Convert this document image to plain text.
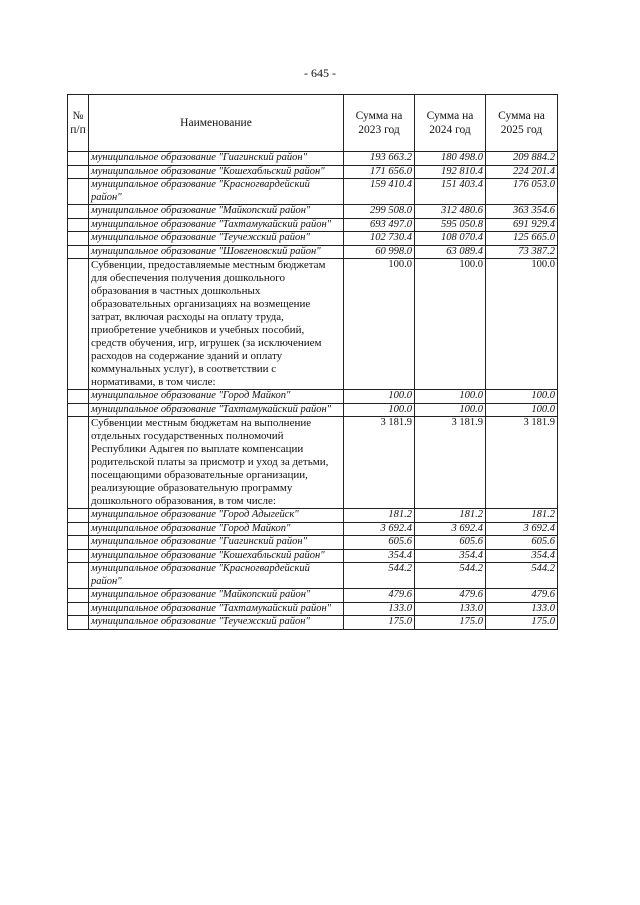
- 645 -
№ п/п	Наименование	Сумма на 2023 год	Сумма на 2024 год	Сумма на 2025 год
	муниципальное образование "Гиагинский район"	193 663.2	180 498.0	209 884.2
	муниципальное образование "Кошехабльский район"	171 656.0	192 810.4	224 201.4
	муниципальное образование "Красногвардейский район"	159 410.4	151 403.4	176 053.0
	муниципальное образование "Майкопский район"	299 508.0	312 480.6	363 354.6
	муниципальное образование "Тахтамукайский район"	693 497.0	595 050.8	691 929.4
	муниципальное образование "Теучежский район"	102 730.4	108 070.4	125 665.0
	муниципальное образование "Шовгеновский район"	60 998.0	63 089.4	73 387.2
	Субвенции, предоставляемые местным бюджетам для обеспечения получения дошкольного образования в частных дошкольных образовательных организациях на возмещение затрат, включая расходы на оплату труда, приобретение учебников и учебных пособий, средств обучения, игр, игрушек (за исключением расходов на содержание зданий и оплату коммунальных услуг), в соответствии с нормативами, в том числе:	100.0	100.0	100.0
	муниципальное образование "Город Майкоп"	100.0	100.0	100.0
	муниципальное образование "Тахтамукайский район"	100.0	100.0	100.0
	Субвенции местным бюджетам на выполнение отдельных государственных полномочий Республики Адыгея по выплате компенсации родительской платы за присмотр и уход за детьми, посещающими образовательные организации, реализующие образовательную программу дошкольного образования, в том числе:	3 181.9	3 181.9	3 181.9
	муниципальное образование "Город Адыгейск"	181.2	181.2	181.2
	муниципальное образование "Город Майкоп"	3 692.4	3 692.4	3 692.4
	муниципальное образование "Гиагинский район"	605.6	605.6	605.6
	муниципальное образование "Кошехабльский район"	354.4	354.4	354.4
	муниципальное образование "Красногвардейский район"	544.2	544.2	544.2
	муниципальное образование "Майкопский район"	479.6	479.6	479.6
	муниципальное образование "Тахтамукайский район"	133.0	133.0	133.0
	муниципальное образование "Теучежский район"	175.0	175.0	175.0
